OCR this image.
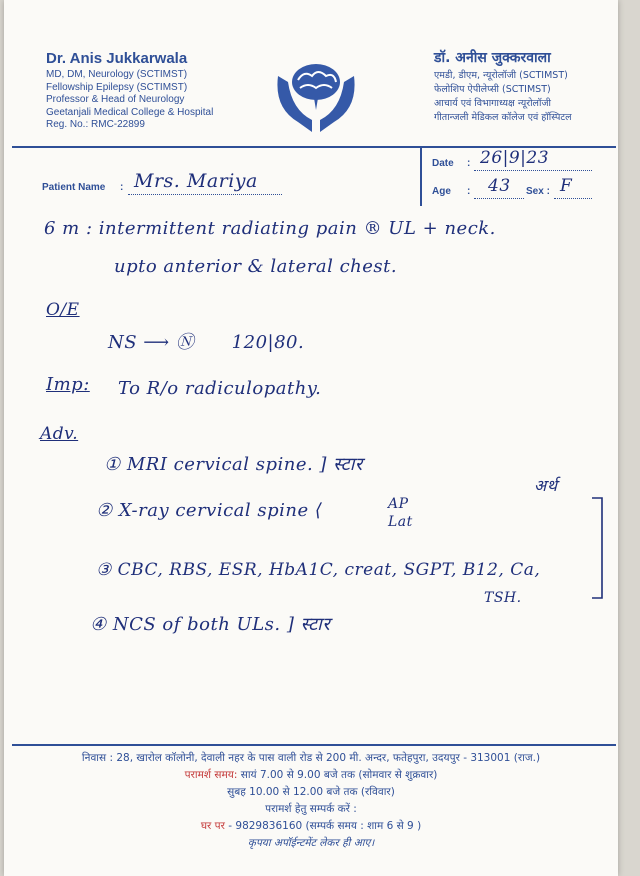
Dr. Anis Jukkarwala
MD, DM, Neurology (SCTIMST)
Fellowship Epilepsy (SCTIMST)
Professor & Head of Neurology
Geetanjali Medical College & Hospital
Reg. No.: RMC-22899
डॉ. अनीस जुक्करवाला
एमडी, डीएम, न्यूरोलॉजी (SCTIMST)
फेलोशिप ऐपीलेप्सी (SCTIMST)
आचार्य एवं विभागाध्यक्ष न्यूरोलॉजी
गीतान्जली मेडिकल कॉलेज एवं हॉस्पिटल
Date : 26|9|23
Age : 43 Sex : F
Patient Name : Mrs. Mariya
6 m : intermittent radiating pain ® UL + neck.
upto anterior & lateral chest.
O/E
NS ⟶ Ⓝ      120|80.
Imp: To R/o radiculopathy.
Adv.
① MRI cervical spine. ] स्टार
अर्थ
② X-ray cervical spine ⟨	AP
Lat
③ CBC, RBS, ESR, HbA1C, creat, SGPT, B12, Ca,
TSH.
④ NCS of both ULs. ] स्टार
निवास : 28, खारोल कॉलोनी, देवाली नहर के पास वाली रोड से 200 मी. अन्दर, फतेहपुरा, उदयपुर - 313001 (राज.)
परामर्श समय: सायं 7.00 से 9.00 बजे तक (सोमवार से शुक्रवार)
सुबह 10.00 से 12.00 बजे तक (रविवार)
परामर्श हेतु सम्पर्क करें :
घर पर - 9829836160 (सम्पर्क समय : शाम 6 से 9 )
कृपया अपॉईन्टमेंट लेकर ही आए।
